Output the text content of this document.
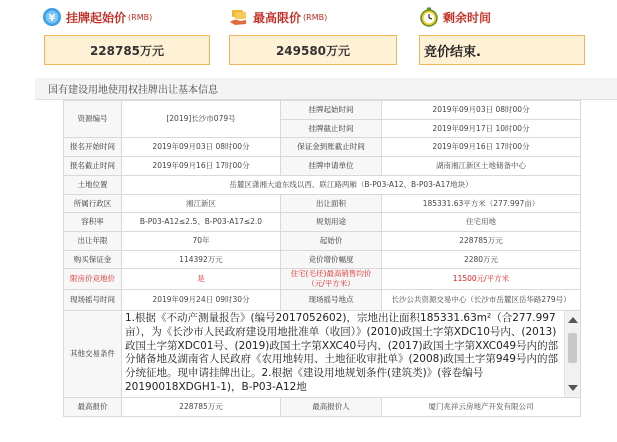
¥ 挂牌起始价 (RMB)
228785万元
最高限价 (RMB)
249580万元
剩余时间
竞价结束.
国有建设用地使用权挂牌出让基本信息
资源编号	[2019]长沙市079号	挂牌起始时间	2019年09月03日 08时00分
		挂牌截止时间	2019年09月17日 10时00分
报名开始时间	2019年09月03日 08时00分	保证金到账截止时间	2019年09月16日 17时00分
报名截止时间	2019年09月16日 17时00分	挂牌申请单位	湖南湘江新区土地储备中心
土地位置	岳麓区潇湘大道东线以西、联江路两厢（B-P03-A12、B-P03-A17地块）		
所属行政区	湘江新区	出让面积	185331.63平方米（277.997亩）
容积率	B-P03-A12≤2.5、B-P03-A17≤2.0	规划用途	住宅用地
出让年限	70年	起始价	228785万元
购买保证金	114392万元	竞价增价幅度	2280万元
限房价竞地价	是	住宅(毛坯)最高销售均价（元/平方米）	11500元/平方米
现场摇号时间	2019年09月24日 09时30分	现场摇号地点	长沙公共资源交易中心（长沙市岳麓区岳华路279号）
其他交易条件	1.根据《不动产测量报告》(编号2017052602)，宗地出让面积185331.63m²（合277.997亩），为《长沙市人民政府建设用地批准单（收回）》(2010)政国土字第XDC10号内、(2013)政国土字第XDC01号、(2019)政国土字第XXC40号内、(2017)政国土字第XXC049号内的部分储备地及湖南省人民政府《农用地转用、土地征收审批单》(2008)政国土字第949号内的部分统征地。现申请挂牌出让。2.根据《建设用地规划条件(建筑类)》(蓉卷编号20190018XDGH1-1)，B-P03-A12地		

最高报价	228785万元	最高报价人	厦门兆祥云房地产开发有限公司
